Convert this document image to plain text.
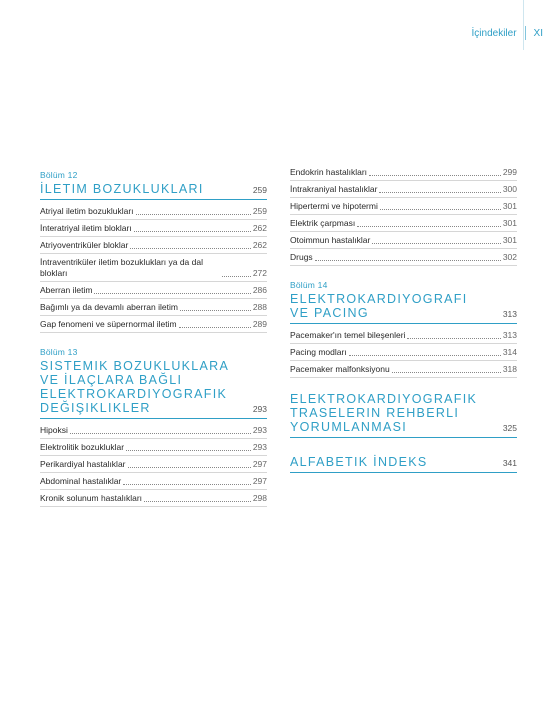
İçindekiler XI
Bölüm 12
İLETIM BOZUKLUKLARI	259
Atriyal iletim bozuklukları	259
İnteratriyal iletim blokları	262
Atriyoventriküler bloklar	262
İntraventriküler iletim bozuklukları ya da dal blokları	272
Aberran iletim	286
Bağımlı ya da devamlı aberran iletim	288
Gap fenomeni ve süpernormal iletim	289
Bölüm 13
SISTEMIK BOZUKLUKLARA VE İLAÇLARA BAĞLI ELEKTROKARDIYOGRAFIK DEĞIŞIKLIKLER	293
Hipoksi	293
Elektrolitik bozukluklar	293
Perikardiyal hastalıklar	297
Abdominal hastalıklar	297
Kronik solunum hastalıkları	298
Endokrin hastalıkları	299
İntrakraniyal hastalıklar	300
Hipertermi ve hipotermi	301
Elektrik çarpması	301
Otoimmun hastalıklar	301
Drugs	302
Bölüm 14
ELEKTROKARDIYOGRAFI VE PACING	313
Pacemaker'ın temel bileşenleri	313
Pacing modları	314
Pacemaker malfonksiyonu	318
ELEKTROKARDIYOGRAFIK TRASELERIN REHBERLI YORUMLANMASI	325
ALFABETIK İNDEKS	341
